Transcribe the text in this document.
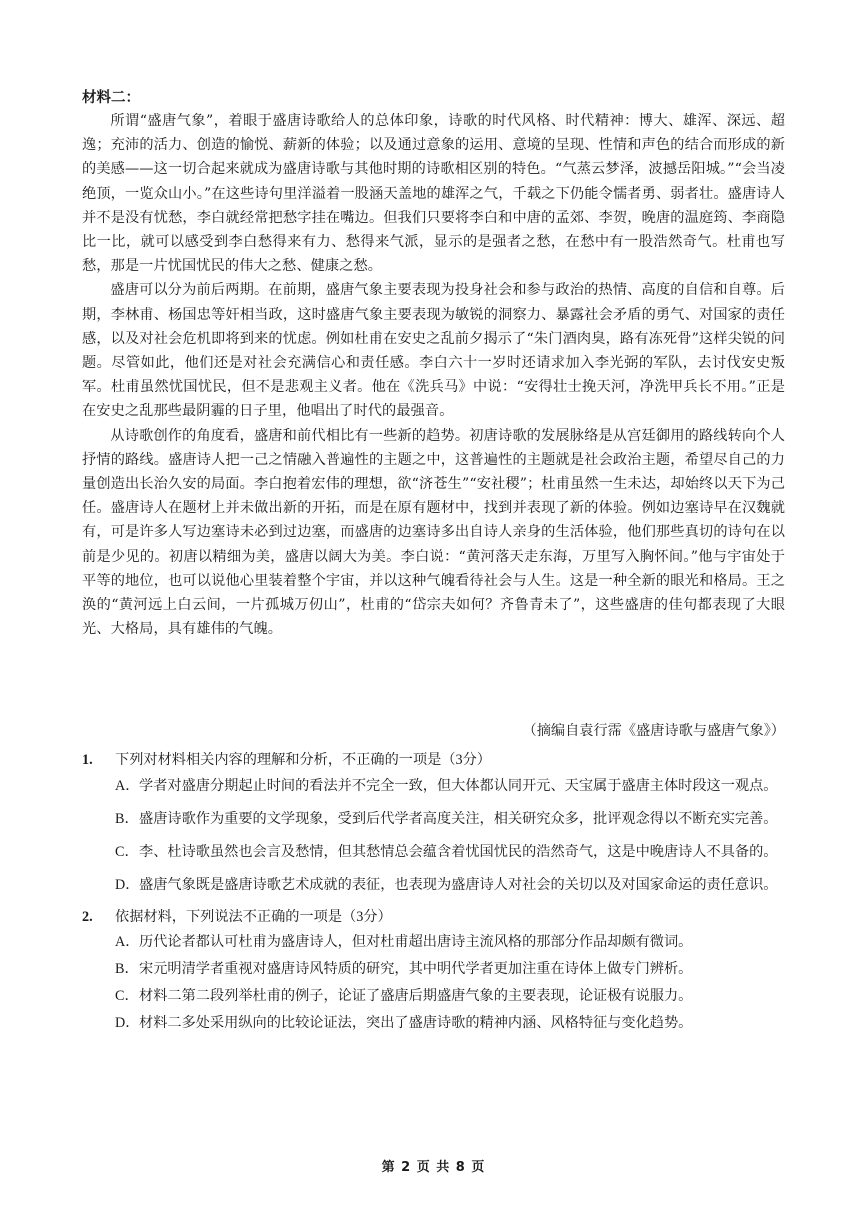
材料二：

所谓“盛唐气象”，着眼于盛唐诗歌给人的总体印象，诗歌的时代风格、时代精神：博大、雄浑、深远、超逸；充沛的活力、创造的愉悦、薪新的体验；以及通过意象的运用、意境的呈现、性情和声色的结合而形成的新的美感——这一切合起来就成为盛唐诗歌与其他时期的诗歌相区别的特色。“气蒸云梦泽，波撼岳阳城。”“会当凌绝顶，一览众山小。”在这些诗句里洋溢着一股涵天盖地的雄浑之气，千载之下仍能令懦者勇、弱者壮。盛唐诗人并不是没有忧愁，李白就经常把愁字挂在嘴边。但我们只要将李白和中唐的孟郊、李贺，晚唐的温庭筠、李商隐比一比，就可以感受到李白愁得来有力、愁得来气派，显示的是强者之愁，在愁中有一股浩然奇气。杜甫也写愁，那是一片忧国忧民的伟大之愁、健康之愁。

盛唐可以分为前后两期。在前期，盛唐气象主要表现为投身社会和参与政治的热情、高度的自信和自尊。后期，李林甫、杨国忠等奸相当政，这时盛唐气象主要表现为敏锐的洞察力、暴露社会矛盾的勇气、对国家的责任感，以及对社会危机即将到来的忧虑。例如杜甫在安史之乱前夕揭示了“朱门酒肉臭，路有冻死骨”这样尖锐的问题。尽管如此，他们还是对社会充满信心和责任感。李白六十一岁时还请求加入李光弼的军队，去讨伐安史叛军。杜甫虽然忧国忧民，但不是悲观主义者。他在《洗兵马》中说：“安得壮士挽天河，净洗甲兵长不用。”正是在安史之乱那些最阴霾的日子里，他唱出了时代的最强音。

从诗歌创作的角度看，盛唐和前代相比有一些新的趋势。初唐诗歌的发展脉络是从宫廷御用的路线转向个人抒情的路线。盛唐诗人把一己之情融入普遍性的主题之中，这普遍性的主题就是社会政治主题，希望尽自己的力量创造出长治久安的局面。李白抱着宏伟的理想，欲“济苍生”“安社稷”；杜甫虽然一生未达，却始终以天下为己任。盛唐诗人在题材上并未做出新的开拓，而是在原有题材中，找到并表现了新的体验。例如边塞诗早在汉魏就有，可是许多人写边塞诗未必到过边塞，而盛唐的边塞诗多出自诗人亲身的生活体验，他们那些真切的诗句在以前是少见的。初唐以精细为美，盛唐以阔大为美。李白说：“黄河落天走东海，万里写入胸怀间。”他与宇宙处于平等的地位，也可以说他心里装着整个宇宙，并以这种气魄看待社会与人生。这是一种全新的眼光和格局。王之涣的“黄河远上白云间，一片孤城万仞山”，杜甫的“岱宗夫如何？齐鲁青未了”，这些盛唐的佳句都表现了大眼光、大格局，具有雄伟的气魄。

（摘编自袁行霈《盛唐诗歌与盛唐气象》）
1.	下列对材料相关内容的理解和分析，不正确的一项是（3分）
A． 学者对盛唐分期起止时间的看法并不完全一致，但大体都认同开元、天宝属于盛唐主体时段这一观点。
B． 盛唐诗歌作为重要的文学现象，受到后代学者高度关注，相关研究众多，批评观念得以不断充实完善。
C． 李、杜诗歌虽然也会言及愁情，但其愁情总会蕴含着忧国忧民的浩然奇气，这是中晚唐诗人不具备的。
D． 盛唐气象既是盛唐诗歌艺术成就的表征，也表现为盛唐诗人对社会的关切以及对国家命运的责任意识。
2.	依据材料，下列说法不正确的一项是（3分）
A． 历代论者都认可杜甫为盛唐诗人，但对杜甫超出唐诗主流风格的那部分作品却颇有微词。
B． 宋元明清学者重视对盛唐诗风特质的研究，其中明代学者更加注重在诗体上做专门辨析。
C． 材料二第二段列举杜甫的例子，论证了盛唐后期盛唐气象的主要表现，论证极有说服力。
D． 材料二多处采用纵向的比较论证法，突出了盛唐诗歌的精神内涵、风格特征与变化趋势。
第 2 页 共 8 页
